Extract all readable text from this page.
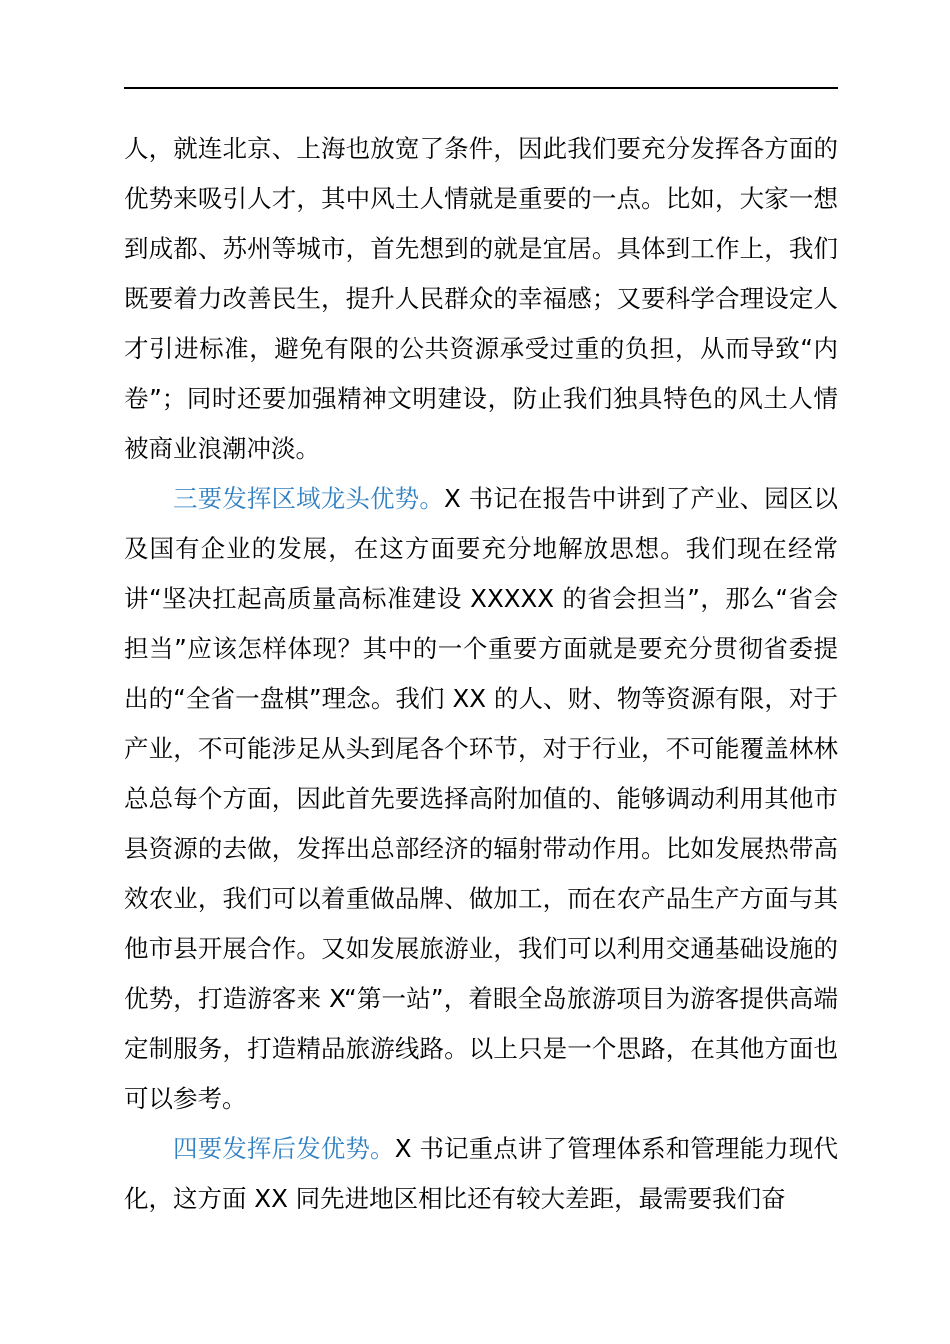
人，就连北京、上海也放宽了条件，因此我们要充分发挥各方面的优势来吸引人才，其中风土人情就是重要的一点。比如，大家一想到成都、苏州等城市，首先想到的就是宜居。具体到工作上，我们既要着力改善民生，提升人民群众的幸福感；又要科学合理设定人才引进标准，避免有限的公共资源承受过重的负担，从而导致“内卷”；同时还要加强精神文明建设，防止我们独具特色的风土人情被商业浪潮冲淡。

三要发挥区域龙头优势。X 书记在报告中讲到了产业、园区以及国有企业的发展，在这方面要充分地解放思想。我们现在经常讲“坚决扛起高质量高标准建设 XXXXX 的省会担当”，那么“省会担当”应该怎样体现？其中的一个重要方面就是要充分贯彻省委提出的“全省一盘棋”理念。我们 XX 的人、财、物等资源有限，对于产业，不可能涉足从头到尾各个环节，对于行业，不可能覆盖林林总总每个方面，因此首先要选择高附加值的、能够调动利用其他市县资源的去做，发挥出总部经济的辐射带动作用。比如发展热带高效农业，我们可以着重做品牌、做加工，而在农产品生产方面与其他市县开展合作。又如发展旅游业，我们可以利用交通基础设施的优势，打造游客来 X“第一站”，着眼全岛旅游项目为游客提供高端定制服务，打造精品旅游线路。以上只是一个思路，在其他方面也可以参考。

四要发挥后发优势。X 书记重点讲了管理体系和管理能力现代化，这方面 XX 同先进地区相比还有较大差距，最需要我们奋
